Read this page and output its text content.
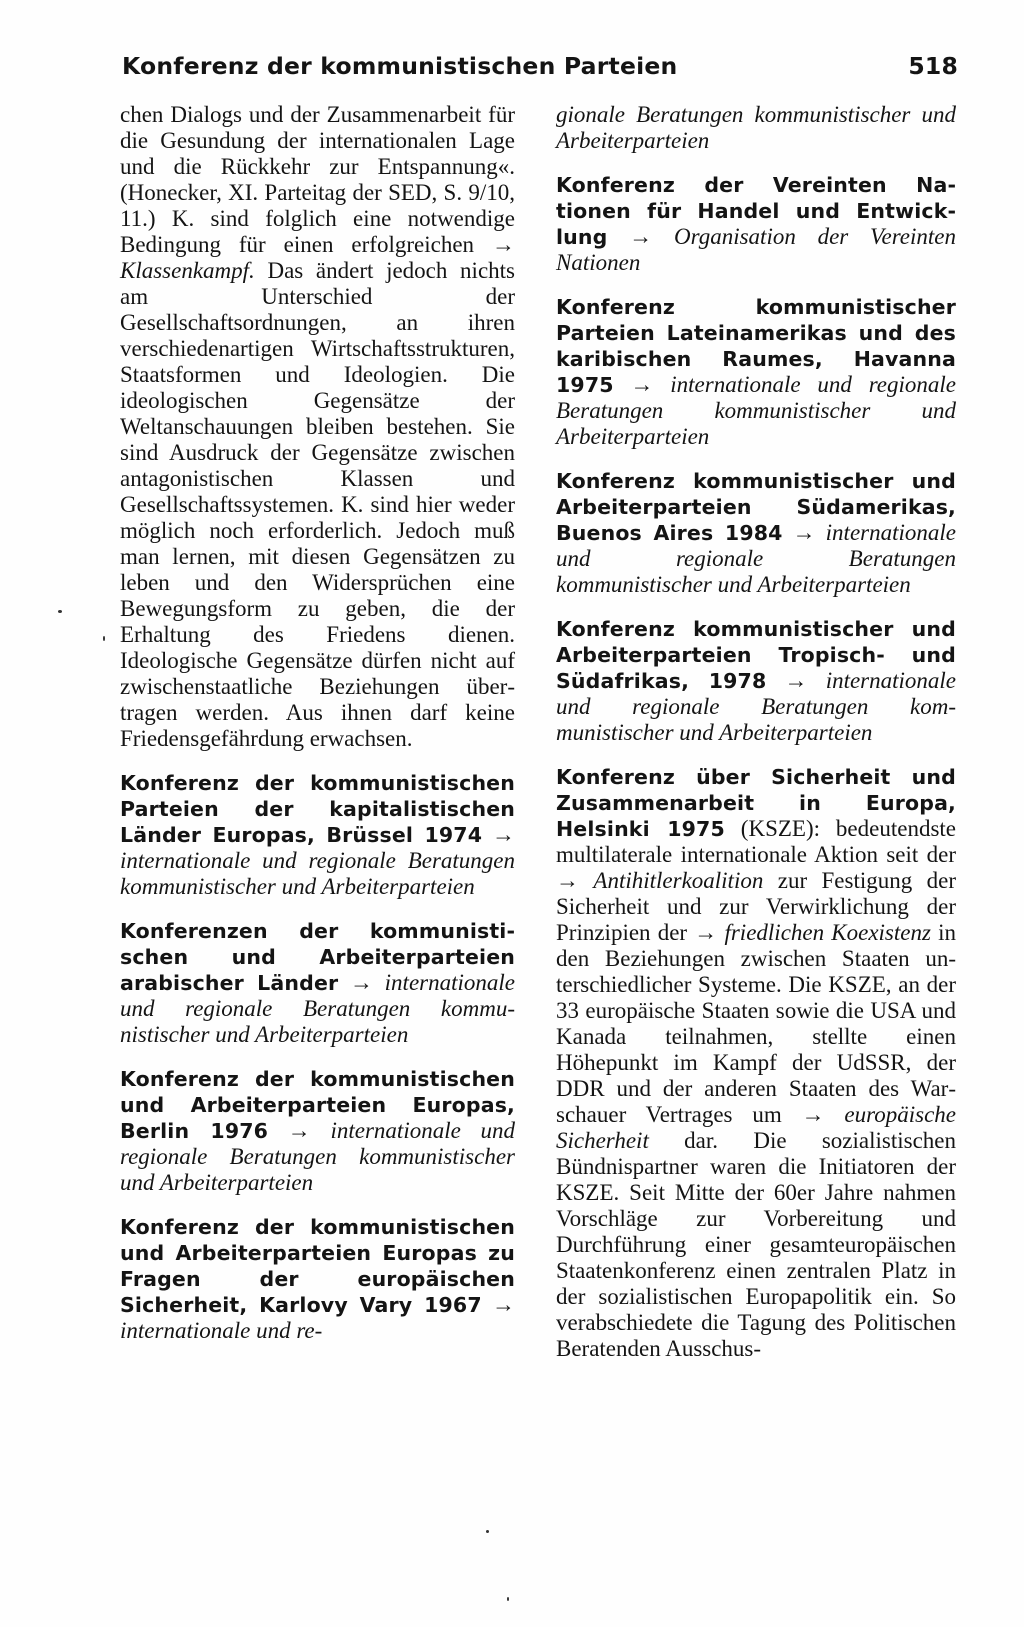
Konferenz der kommunistischen Parteien	518

chen Dialogs und der Zusammenarbeit für die Gesundung der internationalen Lage und die Rückkehr zur Entspannung«. (Honecker, XI. Parteitag der SED, S. 9/10, 11.) K. sind folglich eine notwendige Bedingung für einen erfolgreichen → Klassenkampf. Das ändert jedoch nichts am Unterschied der Gesellschaftsordnungen, an ihren verschiedenartigen Wirtschaftsstrukturen, Staatsformen und Ideologien. Die ideologischen Gegensätze der Weltanschauungen bleiben bestehen. Sie sind Ausdruck der Gegensätze zwischen antagonistischen Klassen und Gesellschaftssystemen. K. sind hier weder möglich noch erforderlich. Jedoch muß man lernen, mit diesen Gegensätzen zu leben und den Widersprüchen eine Bewegungsform zu geben, die der Erhaltung des Friedens dienen. Ideologische Gegensätze dürfen nicht auf zwischenstaatliche Beziehungen übertragen werden. Aus ihnen darf keine Friedensgefährdung erwachsen.

Konferenz der kommunistischen Parteien der kapitalistischen Länder Europas, Brüssel 1974 → internationale und regionale Beratungen kommunistischer und Arbeiterparteien

Konferenzen der kommunistischen und Arbeiterparteien arabischer Länder → internationale und regionale Beratungen kommunistischer und Arbeiterparteien

Konferenz der kommunistischen und Arbeiterparteien Europas, Berlin 1976 → internationale und regionale Beratungen kommunistischer und Arbeiterparteien

Konferenz der kommunistischen und Arbeiterparteien Europas zu Fragen der europäischen Sicherheit, Karlovy Vary 1967 → internationale und re-

gionale Beratungen kommunistischer und Arbeiterparteien

Konferenz der Vereinten Nationen für Handel und Entwicklung → Organisation der Vereinten Nationen

Konferenz kommunistischer Parteien Lateinamerikas und des karibischen Raumes, Havanna 1975 → internationale und regionale Beratungen kommunistischer und Arbeiterparteien

Konferenz kommunistischer und Arbeiterparteien Südamerikas, Buenos Aires 1984 → internationale und regionale Beratungen kommunistischer und Arbeiterparteien

Konferenz kommunistischer und Arbeiterparteien Tropisch- und Südafrikas, 1978 → internationale und regionale Beratungen kommunistischer und Arbeiterparteien

Konferenz über Sicherheit und Zusammenarbeit in Europa, Helsinki 1975 (KSZE): bedeutendste multilaterale internationale Aktion seit der → Antihitlerkoalition zur Festigung der Sicherheit und zur Verwirklichung der Prinzipien der → friedlichen Koexistenz in den Beziehungen zwischen Staaten unterschiedlicher Systeme. Die KSZE, an der 33 europäische Staaten sowie die USA und Kanada teilnahmen, stellte einen Höhepunkt im Kampf der UdSSR, der DDR und der anderen Staaten des Warschauer Vertrages um → europäische Sicherheit dar. Die sozialistischen Bündnispartner waren die Initiatoren der KSZE. Seit Mitte der 60er Jahre nahmen Vorschläge zur Vorbereitung und Durchführung einer gesamteuropäischen Staatenkonferenz einen zentralen Platz in der sozialistischen Europapolitik ein. So verabschiedete die Tagung des Politischen Beratenden Ausschus-
